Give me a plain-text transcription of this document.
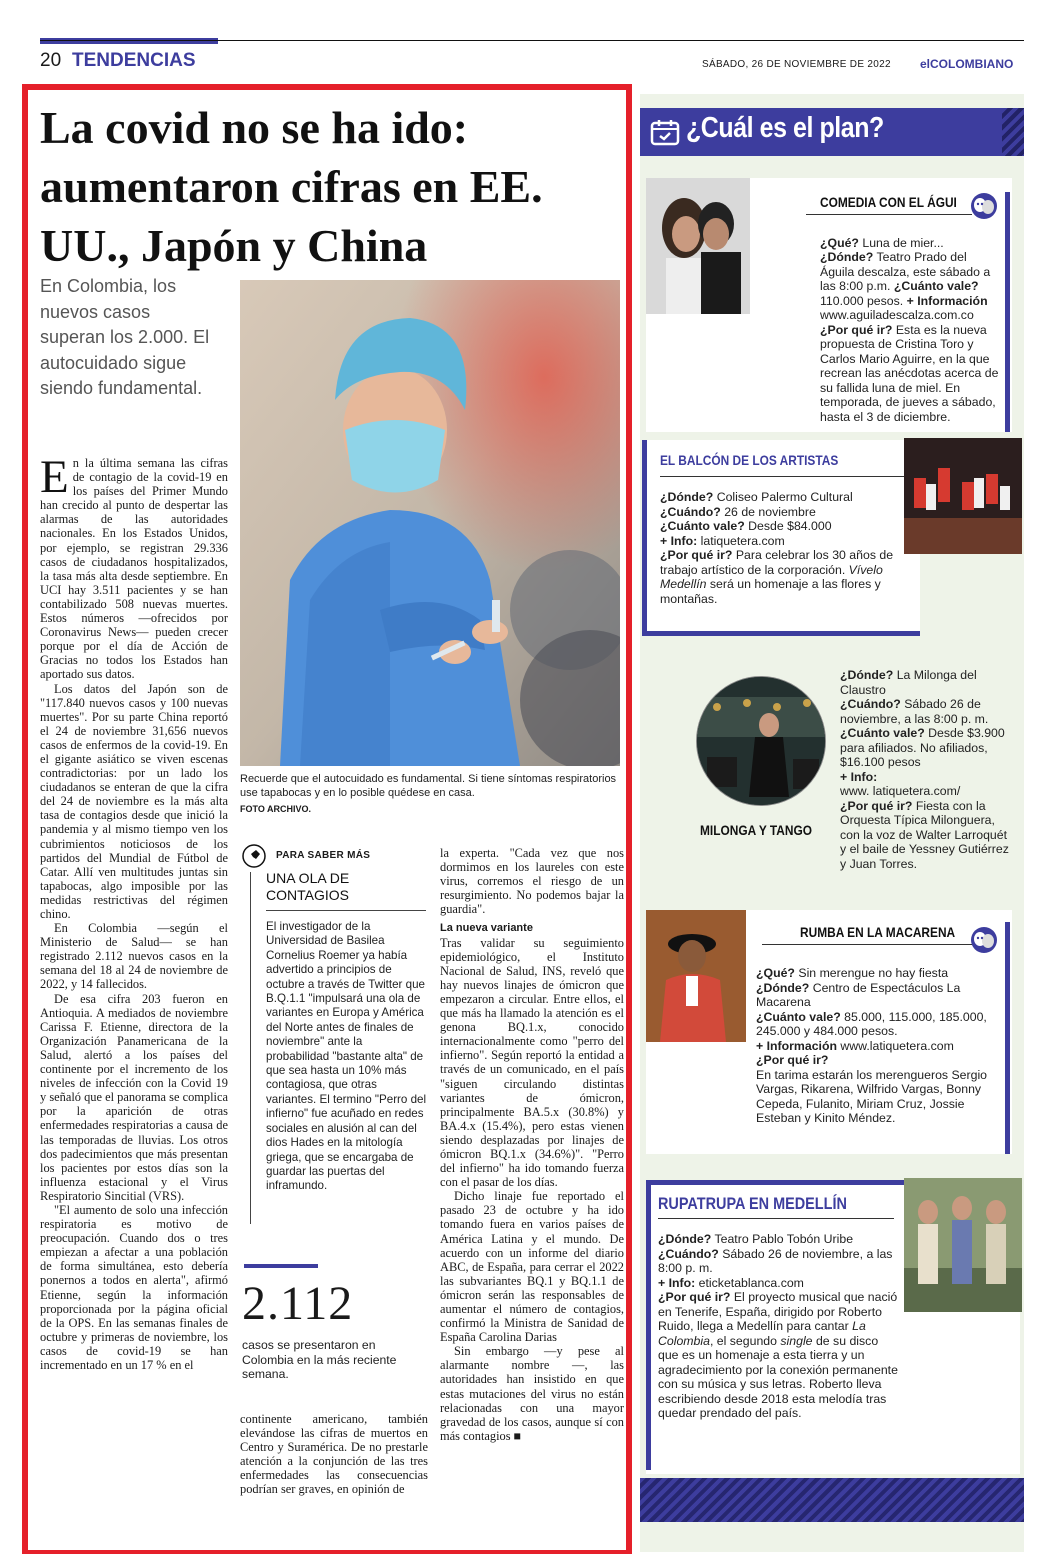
20 TENDENCIAS	SÁBADO, 26 DE NOVIEMBRE DE 2022 elCOLOMBIANO
La covid no se ha ido: aumentaron cifras en EE. UU., Japón y China
En Colombia, los nuevos casos superan los 2.000. El autocuidado sigue siendo fundamental.
Recuerde que el autocuidado es fundamental. Si tiene síntomas respiratorios use tapabocas y en lo posible quédese en casa.
FOTO ARCHIVO.

En la última semana las cifras de contagio de la covid-19 en los países del Primer Mundo han crecido al punto de despertar las alarmas de las autoridades nacionales. En los Estados Unidos, por ejemplo, se registran 29.336 casos de ciudadanos hospitalizados, la tasa más alta desde septiembre. En UCI hay 3.511 pacientes y se han contabilizado 508 nuevas muertes. Estos números —ofrecidos por Coronavirus News— pueden crecer porque por el día de Acción de Gracias no todos los Estados han aportado sus datos.

Los datos del Japón son de "117.840 nuevos casos y 100 nuevas muertes". Por su parte China reportó el 24 de noviembre 31,656 nuevos casos de enfermos de la covid-19. En el gigante asiático se viven escenas contradictorias: por un lado los ciudadanos se enteran de que la cifra del 24 de noviembre es la más alta tasa de contagios desde que inició la pandemia y al mismo tiempo ven los cubrimientos noticiosos de los partidos del Mundial de Fútbol de Catar. Allí ven multitudes juntas sin tapabocas, algo imposible por las medidas restrictivas del régimen chino.

En Colombia —según el Ministerio de Salud— se han registrado 2.112 nuevos casos en la semana del 18 al 24 de noviembre de 2022, y 14 fallecidos.

De esa cifra 203 fueron en Antioquia. A mediados de noviembre Carissa F. Etienne, directora de la Organización Panamericana de la Salud, alertó a los países del continente por el incremento de los niveles de infección con la Covid 19 y señaló que el panorama se complica por la aparición de otras enfermedades respiratorias a causa de las temporadas de lluvias. Los otros dos padecimientos que más presentan los pacientes por estos días son la influenza estacional y el Virus Respiratorio Sincitial (VRS).

"El aumento de solo una infección respiratoria es motivo de preocupación. Cuando dos o tres empiezan a afectar a una población de forma simultánea, esto debería ponernos a todos en alerta", afirmó Etienne, según la información proporcionada por la página oficial de la OPS. En las semanas finales de octubre y primeras de noviembre, los casos de covid-19 se han incrementado en un 17 % en el

PARA SABER MÁS
UNA OLA DE CONTAGIOS
El investigador de la Universidad de Basilea Cornelius Roemer ya había advertido a principios de octubre a través de Twitter que B.Q.1.1 "impulsará una ola de variantes en Europa y América del Norte antes de finales de noviembre" ante la probabilidad "bastante alta" de que sea hasta un 10% más contagiosa, que otras variantes. El termino "Perro del infierno" fue acuñado en redes sociales en alusión al can del dios Hades en la mitología griega, que se encargaba de guardar las puertas del inframundo.
2.112
casos se presentaron en Colombia en la más reciente semana.

continente americano, también elevándose las cifras de muertos en Centro y Suramérica. De no prestarle atención a la conjunción de las tres enfermedades las consecuencias podrían ser graves, en opinión de

la experta. "Cada vez que nos dormimos en los laureles con este virus, corremos el riesgo de un resurgimiento. No podemos bajar la guardia".

La nueva variante

Tras validar su seguimiento epidemiológico, el Instituto Nacional de Salud, INS, reveló que hay nuevos linajes de ómicron que empezaron a circular. Entre ellos, el que más ha llamado la atención es el genona BQ.1.x, conocido internacionalmente como "perro del infierno". Según reportó la entidad a través de un comunicado, en el país "siguen circulando distintas variantes de ómicron, principalmente BA.5.x (30.8%) y BA.4.x (15.4%), pero estas vienen siendo desplazadas por linajes de ómicron BQ.1.x (34.6%)". "Perro del infierno" ha ido tomando fuerza con el pasar de los días.

Dicho linaje fue reportado el pasado 23 de octubre y ha ido tomando fuera en varios países de América Latina y el mundo. De acuerdo con un informe del diario ABC, de España, para cerrar el 2022 las subvariantes BQ.1 y BQ.1.1 de ómicron serán las responsables de aumentar el número de contagios, confirmó la Ministra de Sanidad de España Carolina Darias

Sin embargo —y pese al alarmante nombre —, las autoridades han insistido en que estas mutaciones del virus no están relacionadas con una mayor gravedad de los casos, aunque sí con más contagios ■

¿Cuál es el plan?
COMEDIA CON EL ÁGUI
¿Qué? Luna de mier...

¿Dónde? Teatro Prado del Águila descalza, este sábado a las 8:00 p.m. ¿Cuánto vale? 110.000 pesos. + Información www.aguiladescalza.com.co
¿Por qué ir? Esta es la nueva propuesta de Cristina Toro y Carlos Mario Aguirre, en la que recrean las anécdotas acerca de su fallida luna de miel. En temporada, de jueves a sábado, hasta el 3 de diciembre.
EL BALCÓN DE LOS ARTISTAS
¿Dónde? Coliseo Palermo Cultural
¿Cuándo? 26 de noviembre
¿Cuánto vale? Desde $84.000
+ Info: latiquetera.com
¿Por qué ir? Para celebrar los 30 años de trabajo artístico de la corporación. Vívelo Medellín será un homenaje a las flores y montañas.
MILONGA Y TANGO
¿Dónde? La Milonga del Claustro
¿Cuándo? Sábado 26 de noviembre, a las 8:00 p. m.
¿Cuánto vale? Desde $3.900 para afiliados. No afiliados, $16.100 pesos
+ Info:
www. latiquetera.com/
¿Por qué ir? Fiesta con la Orquesta Típica Milonguera, con la voz de Walter Larroquét y el baile de Yessney Gutiérrez y Juan Torres.
RUMBA EN LA MACARENA
¿Qué? Sin merengue no hay fiesta
¿Dónde? Centro de Espectáculos La Macarena
¿Cuánto vale? 85.000, 115.000, 185.000, 245.000 y 484.000 pesos.
+ Información www.latiquetera.com
¿Por qué ir?
En tarima estarán los merengueros Sergio Vargas, Rikarena, Wilfrido Vargas, Bonny Cepeda, Fulanito, Miriam Cruz, Jossie Esteban y Kinito Méndez.
RUPATRUPA EN MEDELLÍN
¿Dónde? Teatro Pablo Tobón Uribe
¿Cuándo? Sábado 26 de noviembre, a las 8:00 p. m.
+ Info: eticketablanca.com
¿Por qué ir? El proyecto musical que nació en Tenerife, España, dirigido por Roberto Ruido, llega a Medellín para cantar La Colombia, el segundo single de su disco que es un homenaje a esta tierra y un agradecimiento por la conexión permanente con su música y sus letras. Roberto lleva escribiendo desde 2018 esta melodía tras quedar prendado del país.
